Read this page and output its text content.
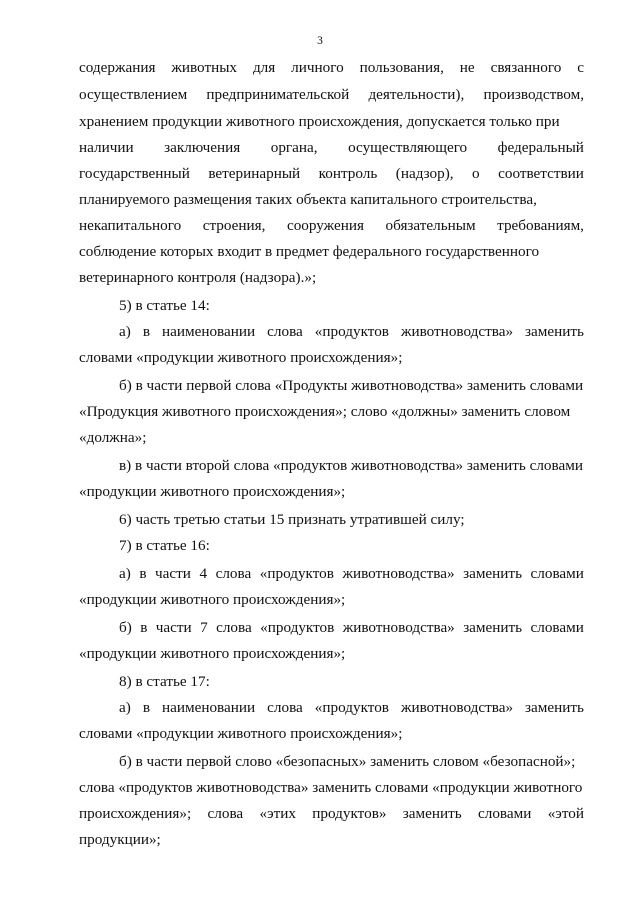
3
содержания животных для личного пользования, не связанного с
осуществлением предпринимательской деятельности), производством,
хранением продукции животного происхождения, допускается только при
наличии заключения органа, осуществляющего федеральный
государственный ветеринарный контроль (надзор), о соответствии
планируемого размещения таких объекта капитального строительства,
некапитального строения, сооружения обязательным требованиям,
соблюдение которых входит в предмет федерального государственного
ветеринарного контроля (надзора).»;
5) в статье 14:
а) в наименовании слова «продуктов животноводства» заменить
словами «продукции животного происхождения»;
б) в части первой слова «Продукты животноводства» заменить словами
«Продукция животного происхождения»; слово «должны» заменить словом
«должна»;
в) в части второй слова «продуктов животноводства» заменить словами
«продукции животного происхождения»;
6) часть третью статьи 15 признать утратившей силу;
7) в статье 16:
а) в части 4 слова «продуктов животноводства» заменить словами
«продукции животного происхождения»;
б) в части 7 слова «продуктов животноводства» заменить словами
«продукции животного происхождения»;
8) в статье 17:
а) в наименовании слова «продуктов животноводства» заменить
словами «продукции животного происхождения»;
б) в части первой слово «безопасных» заменить словом «безопасной»;
слова «продуктов животноводства» заменить словами «продукции животного
происхождения»; слова «этих продуктов» заменить словами «этой
продукции»;
